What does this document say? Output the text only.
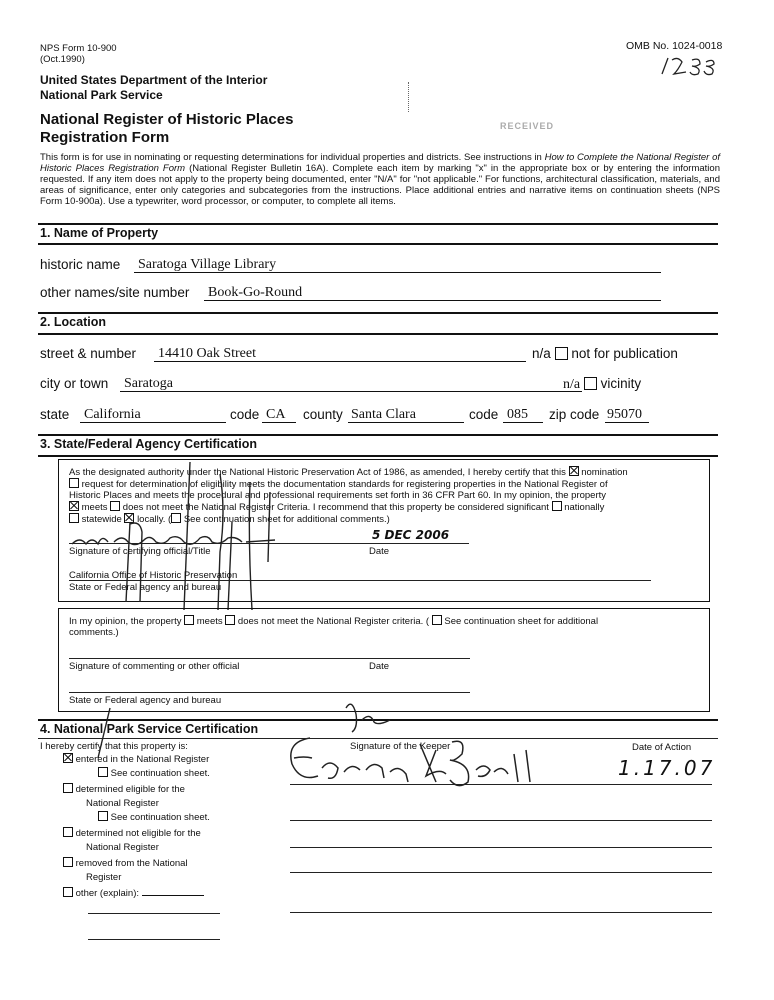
NPS Form 10-900
(Oct.1990)
OMB No. 1024-0018
United States Department of the Interior
National Park Service
National Register of Historic Places
Registration Form
RECEIVED
This form is for use in nominating or requesting determinations for individual properties and districts. See instructions in How to Complete the National Register of Historic Places Registration Form (National Register Bulletin 16A). Complete each item by marking "x" in the appropriate box or by entering the information requested. If any item does not apply to the property being documented, enter "N/A" for "not applicable." For functions, architectural classification, materials, and areas of significance, enter only categories and subcategories from the instructions. Place additional entries and narrative items on continuation sheets (NPS Form 10-900a). Use a typewriter, word processor, or computer, to complete all items.
1. Name of Property
historic name Saratoga Village Library
other names/site number Book-Go-Round
2. Location
street & number 14410 Oak Street	n/a not for publication
city or town Saratoga	n/a vicinity
state California	code CA	county Santa Clara	code 085	zip code 95070
3. State/Federal Agency Certification
As the designated authority under the National Historic Preservation Act of 1986, as amended, I hereby certify that this nomination
request for determination of eligibility meets the documentation standards for registering properties in the National Register of
Historic Places and meets the procedural and professional requirements set forth in 36 CFR Part 60. In my opinion, the property
meets does not meet the National Register Criteria. I recommend that this property be considered significant nationally
statewide locally. ( See continuation sheet for additional comments.)
5 DEC 2006
Signature of certifying official/Title	Date
California Office of Historic Preservation
State or Federal agency and bureau
In my opinion, the property meets does not meet the National Register criteria. ( See continuation sheet for additional
comments.)
Signature of commenting or other official	Date
State or Federal agency and bureau
4. National Park Service Certification
I hereby certify that this property is:	Signature of the Keeper	Date of Action
1.17.07
entered in the National Register
See continuation sheet.
determined eligible for the
National Register
See continuation sheet.
determined not eligible for the
National Register
removed from the National
Register
other (explain):
